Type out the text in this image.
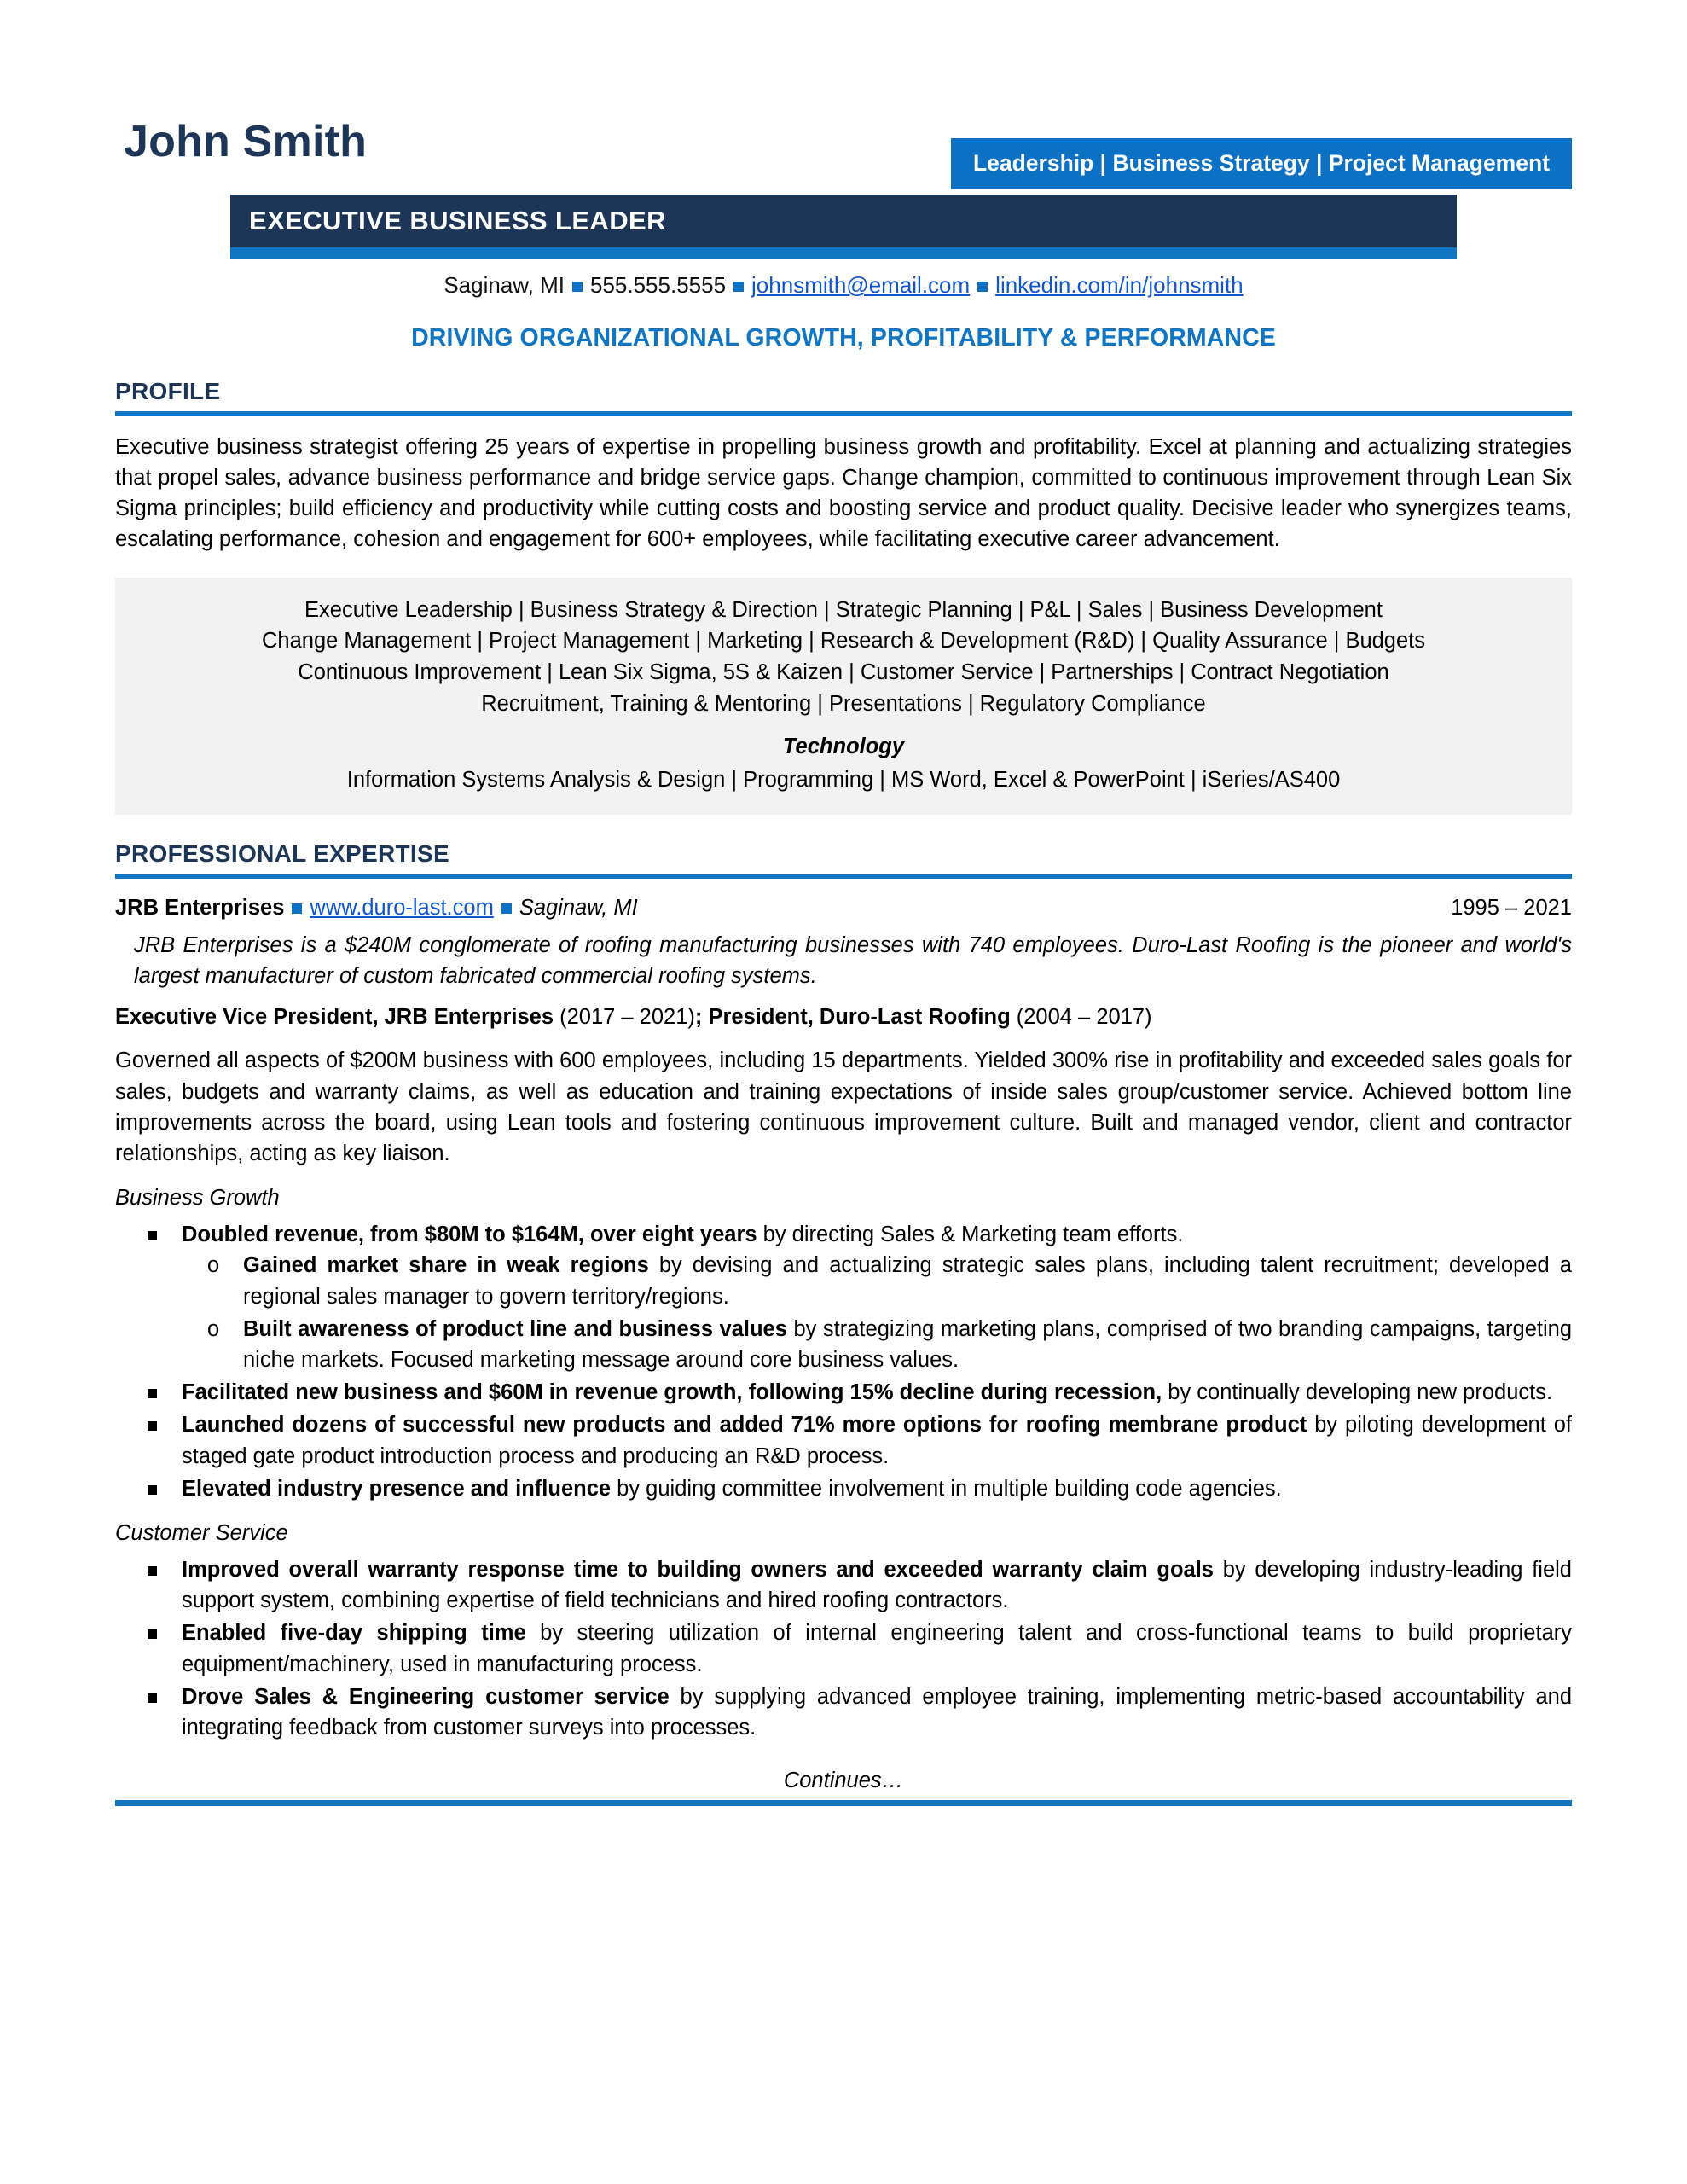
John Smith	Leadership | Business Strategy | Project Management
EXECUTIVE BUSINESS LEADER
Saginaw, MI 555.555.5555 johnsmith@email.com linkedin.com/in/johnsmith
DRIVING ORGANIZATIONAL GROWTH, PROFITABILITY & PERFORMANCE
PROFILE

Executive business strategist offering 25 years of expertise in propelling business growth and profitability. Excel at planning and actualizing strategies that propel sales, advance business performance and bridge service gaps. Change champion, committed to continuous improvement through Lean Six Sigma principles; build efficiency and productivity while cutting costs and boosting service and product quality. Decisive leader who synergizes teams, escalating performance, cohesion and engagement for 600+ employees, while facilitating executive career advancement.

Executive Leadership | Business Strategy & Direction | Strategic Planning | P&L | Sales | Business Development
Change Management | Project Management | Marketing | Research & Development (R&D) | Quality Assurance | Budgets
Continuous Improvement | Lean Six Sigma, 5S & Kaizen | Customer Service | Partnerships | Contract Negotiation
Recruitment, Training & Mentoring | Presentations | Regulatory Compliance
Technology
Information Systems Analysis & Design | Programming | MS Word, Excel & PowerPoint | iSeries/AS400
PROFESSIONAL EXPERTISE
JRB Enterprises www.duro-last.com Saginaw, MI	1995 – 2021

JRB Enterprises is a $240M conglomerate of roofing manufacturing businesses with 740 employees. Duro-Last Roofing is the pioneer and world's largest manufacturer of custom fabricated commercial roofing systems.

Executive Vice President, JRB Enterprises (2017 – 2021); President, Duro-Last Roofing (2004 – 2017)

Governed all aspects of $200M business with 600 employees, including 15 departments. Yielded 300% rise in profitability and exceeded sales goals for sales, budgets and warranty claims, as well as education and training expectations of inside sales group/customer service. Achieved bottom line improvements across the board, using Lean tools and fostering continuous improvement culture. Built and managed vendor, client and contractor relationships, acting as key liaison.

Business Growth
Doubled revenue, from $80M to $164M, over eight years by directing Sales & Marketing team efforts.
o Gained market share in weak regions by devising and actualizing strategic sales plans, including talent recruitment; developed a regional sales manager to govern territory/regions.
o Built awareness of product line and business values by strategizing marketing plans, comprised of two branding campaigns, targeting niche markets. Focused marketing message around core business values.
Facilitated new business and $60M in revenue growth, following 15% decline during recession, by continually developing new products.
Launched dozens of successful new products and added 71% more options for roofing membrane product by piloting development of staged gate product introduction process and producing an R&D process.
Elevated industry presence and influence by guiding committee involvement in multiple building code agencies.
Customer Service
Improved overall warranty response time to building owners and exceeded warranty claim goals by developing industry-leading field support system, combining expertise of field technicians and hired roofing contractors.
Enabled five-day shipping time by steering utilization of internal engineering talent and cross-functional teams to build proprietary equipment/machinery, used in manufacturing process.
Drove Sales & Engineering customer service by supplying advanced employee training, implementing metric-based accountability and integrating feedback from customer surveys into processes.
Continues…
